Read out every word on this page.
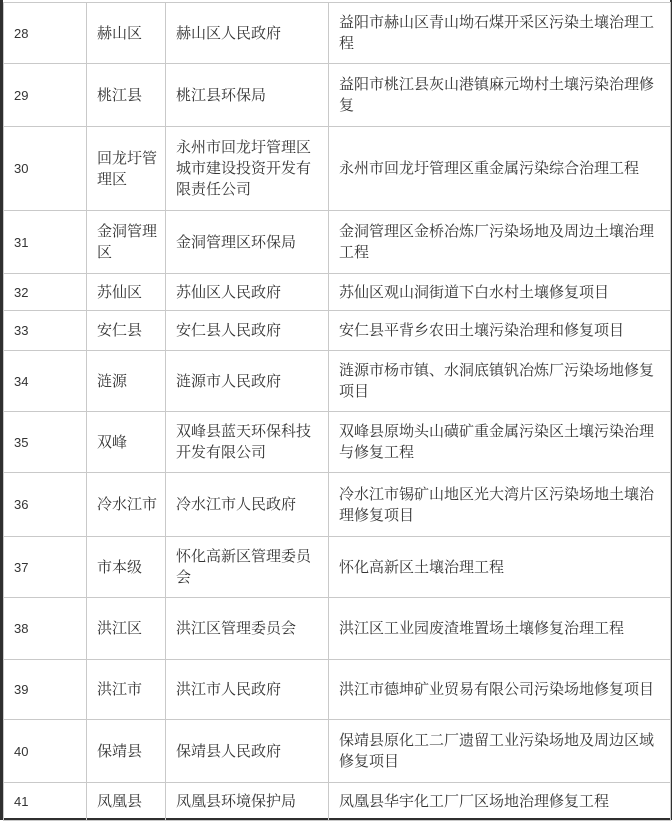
28	赫山区	赫山区人民政府	益阳市赫山区青山坳石煤开采区污染土壤治理工程
29	桃江县	桃江县环保局	益阳市桃江县灰山港镇麻元坳村土壤污染治理修复
30	回龙圩管理区	永州市回龙圩管理区城市建设投资开发有限责任公司	永州市回龙圩管理区重金属污染综合治理工程
31	金洞管理区	金洞管理区环保局	金洞管理区金桥冶炼厂污染场地及周边土壤治理工程
32	苏仙区	苏仙区人民政府	苏仙区观山洞街道下白水村土壤修复项目
33	安仁县	安仁县人民政府	安仁县平背乡农田土壤污染治理和修复项目
34	涟源	涟源市人民政府	涟源市杨市镇、水洞底镇钒冶炼厂污染场地修复项目
35	双峰	双峰县蓝天环保科技开发有限公司	双峰县原坳头山磺矿重金属污染区土壤污染治理与修复工程
36	冷水江市	冷水江市人民政府	冷水江市锡矿山地区光大湾片区污染场地土壤治理修复项目
37	市本级	怀化高新区管理委员会	怀化高新区土壤治理工程
38	洪江区	洪江区管理委员会	洪江区工业园废渣堆置场土壤修复治理工程
39	洪江市	洪江市人民政府	洪江市德坤矿业贸易有限公司污染场地修复项目
40	保靖县	保靖县人民政府	保靖县原化工二厂遗留工业污染场地及周边区域修复项目
41	凤凰县	凤凰县环境保护局	凤凰县华宇化工厂厂区场地治理修复工程
